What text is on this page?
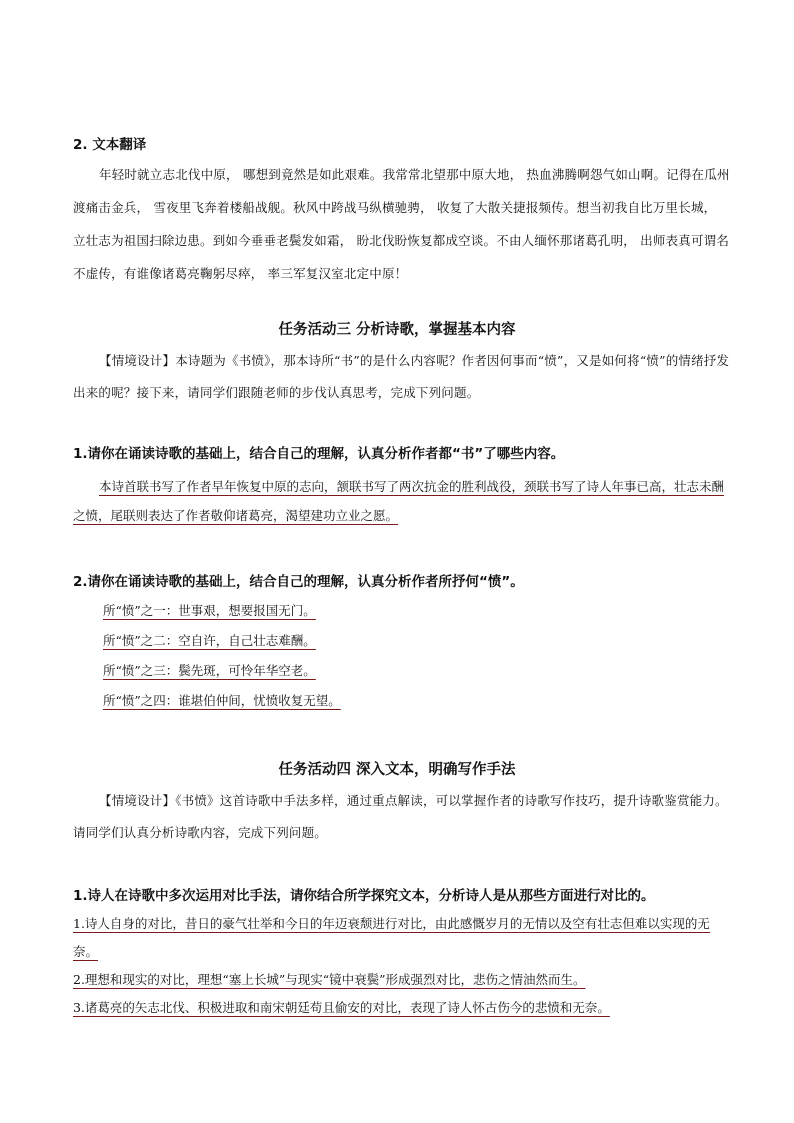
2. 文本翻译

年轻时就立志北伐中原， 哪想到竟然是如此艰难。我常常北望那中原大地， 热血沸腾啊怨气如山啊。记得在瓜州渡痛击金兵， 雪夜里飞奔着楼船战舰。秋风中跨战马纵横驰骋， 收复了大散关捷报频传。想当初我自比万里长城， 立壮志为祖国扫除边患。到如今垂垂老鬓发如霜， 盼北伐盼恢复都成空谈。不由人缅怀那诸葛孔明， 出师表真可谓名不虚传，有谁像诸葛亮鞠躬尽瘁， 率三军复汉室北定中原！

任务活动三 分析诗歌，掌握基本内容

【情境设计】本诗题为《书愤》，那本诗所“书”的是什么内容呢？作者因何事而“愤”，又是如何将“愤”的情绪抒发出来的呢？接下来，请同学们跟随老师的步伐认真思考，完成下列问题。

1.请你在诵读诗歌的基础上，结合自己的理解，认真分析作者都“书”了哪些内容。

本诗首联书写了作者早年恢复中原的志向，颔联书写了两次抗金的胜利战役，颈联书写了诗人年事已高，壮志未酬之愤，尾联则表达了作者敬仰诸葛亮，渴望建功立业之愿。

2.请你在诵读诗歌的基础上，结合自己的理解，认真分析作者所抒何“愤”。

所“愤”之一：世事艰，想要报国无门。

所“愤”之二：空自许，自己壮志难酬。

所“愤”之三：鬓先斑，可怜年华空老。

所“愤”之四：谁堪伯仲间，忧愤收复无望。

任务活动四 深入文本，明确写作手法

【情境设计】《书愤》这首诗歌中手法多样，通过重点解读，可以掌握作者的诗歌写作技巧，提升诗歌鉴赏能力。请同学们认真分析诗歌内容，完成下列问题。

1.诗人在诗歌中多次运用对比手法，请你结合所学探究文本，分析诗人是从那些方面进行对比的。

1.诗人自身的对比，昔日的豪气壮举和今日的年迈衰颓进行对比，由此感慨岁月的无情以及空有壮志但难以实现的无奈。

2.理想和现实的对比，理想“塞上长城”与现实“镜中衰鬓”形成强烈对比，悲伤之情油然而生。

3.诸葛亮的矢志北伐、积极进取和南宋朝廷苟且偷安的对比，表现了诗人怀古伤今的悲愤和无奈。
